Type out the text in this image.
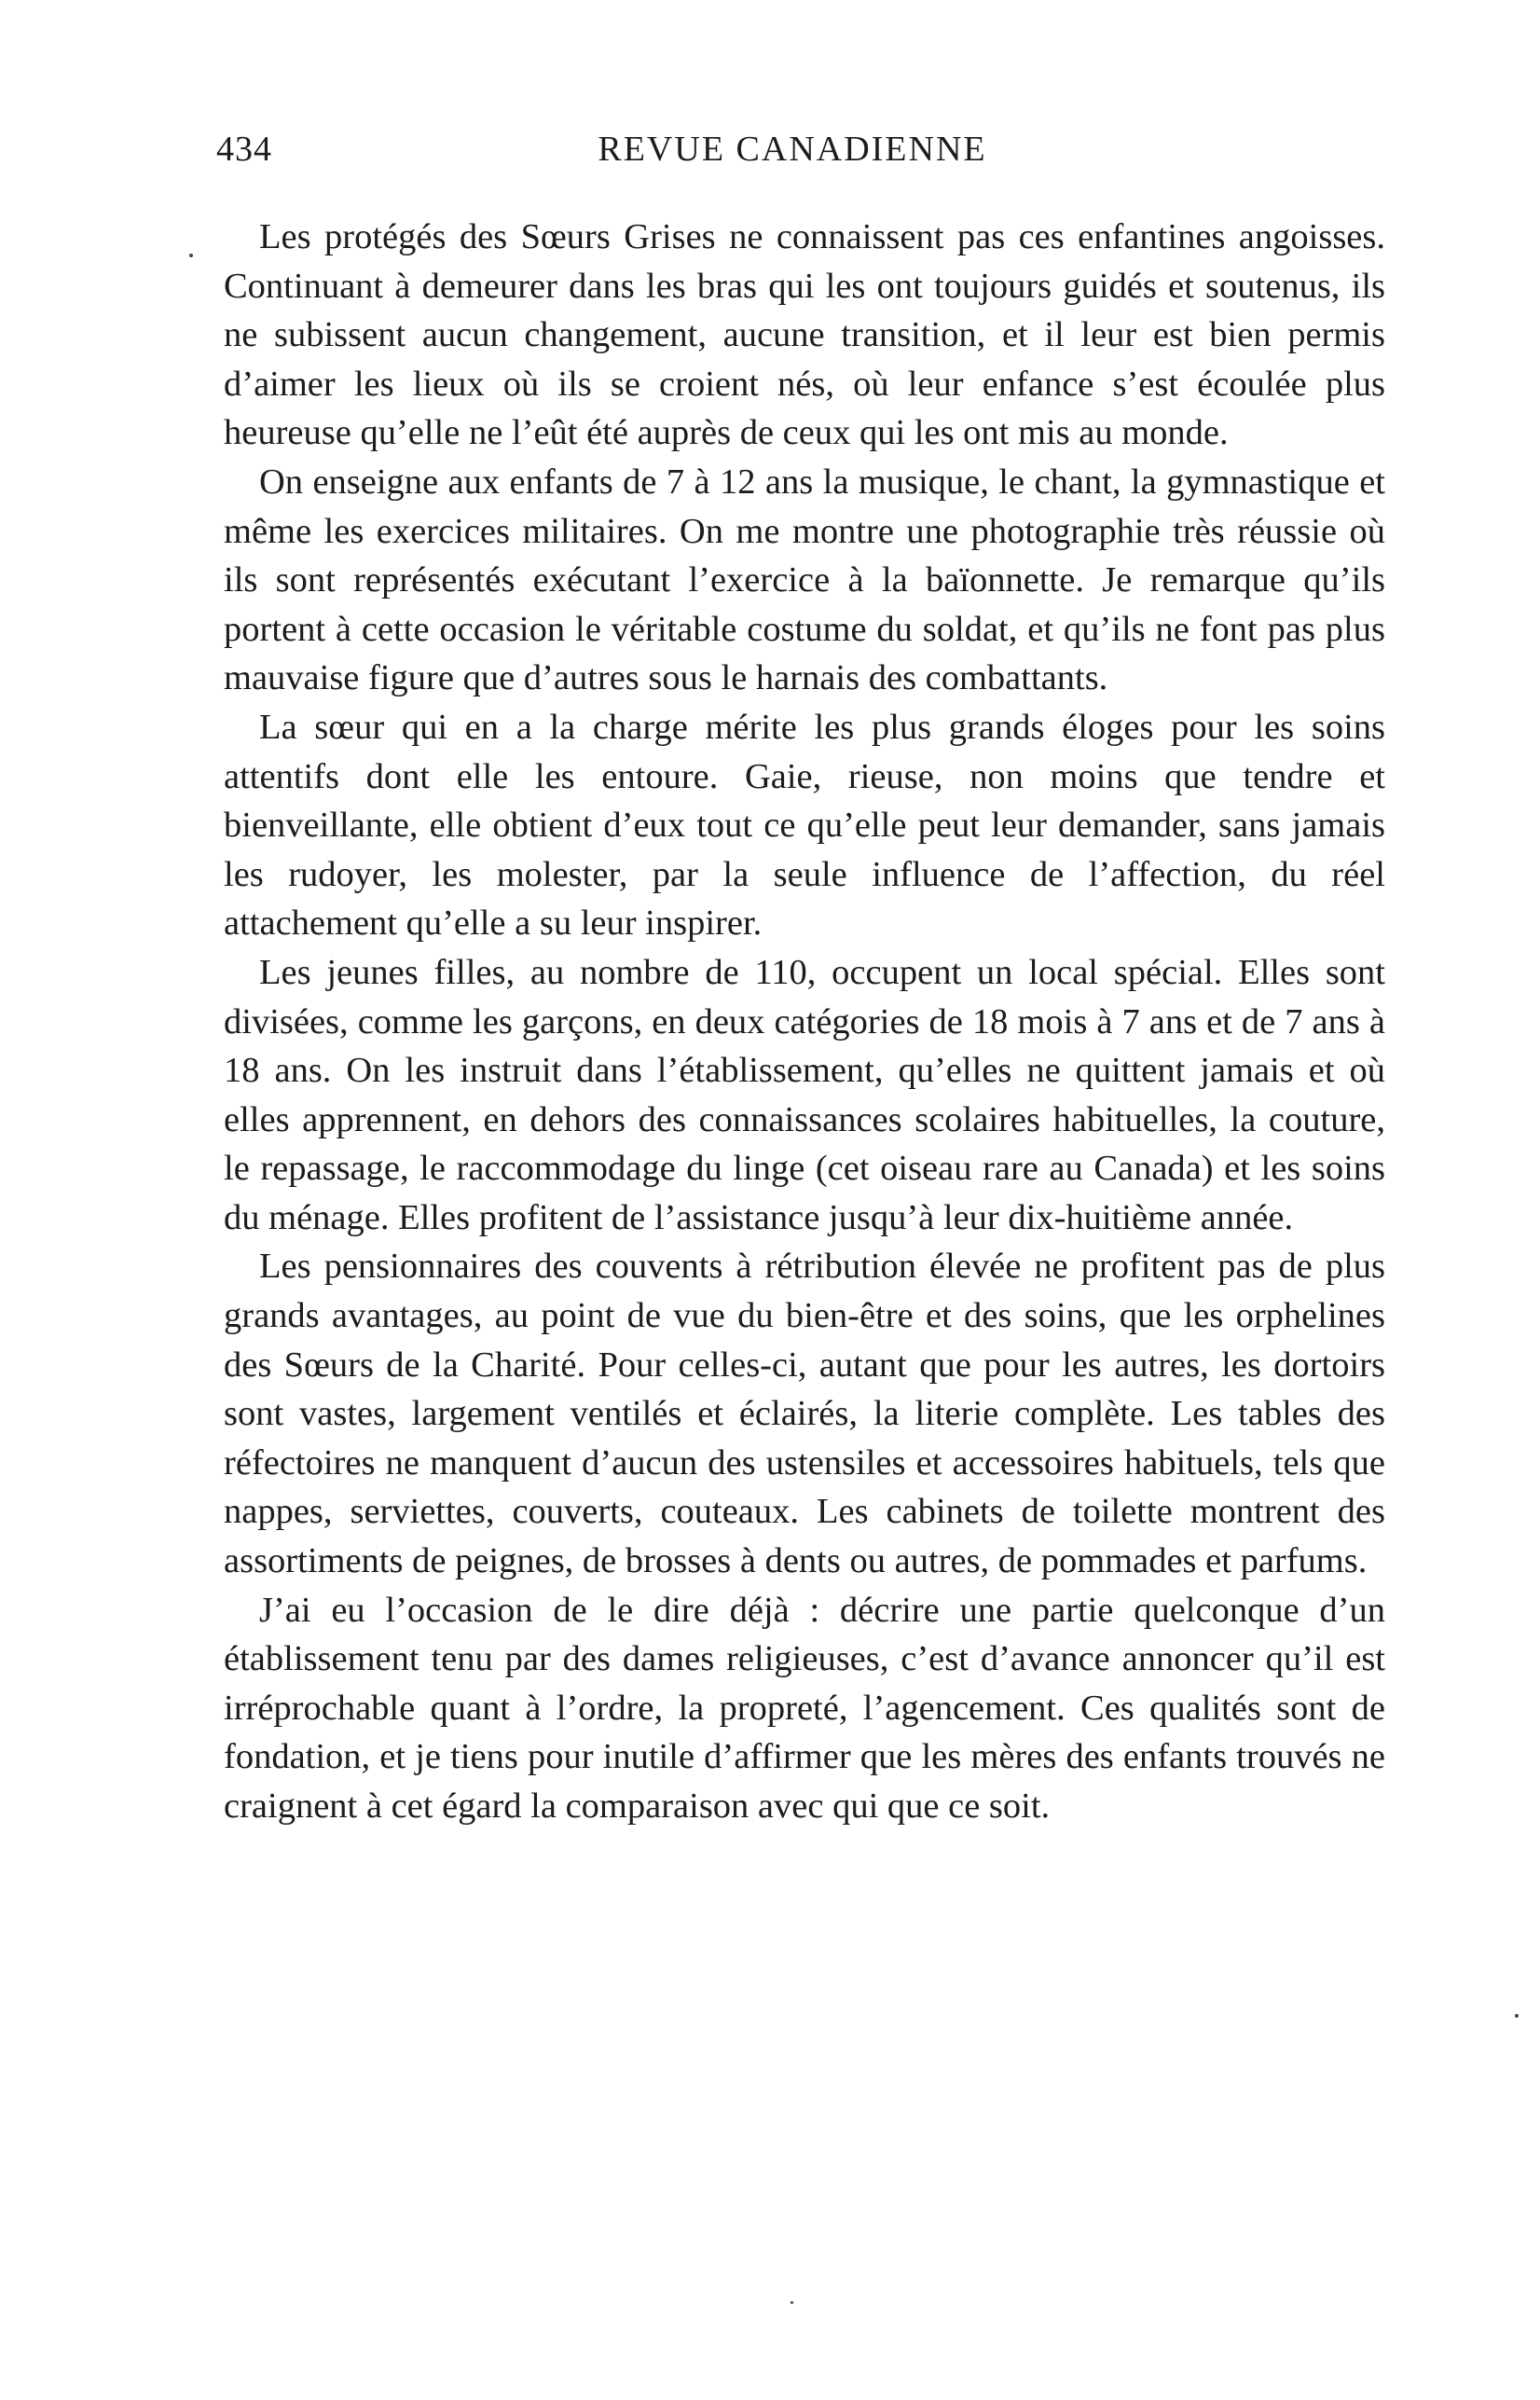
434	REVUE CANADIENNE

Les protégés des Sœurs Grises ne connaissent pas ces enfantines angoisses. Continuant à demeurer dans les bras qui les ont toujours guidés et soutenus, ils ne subissent aucun changement, aucune transition, et il leur est bien permis d’aimer les lieux où ils se croient nés, où leur enfance s’est écoulée plus heureuse qu’elle ne l’eût été auprès de ceux qui les ont mis au monde.

On enseigne aux enfants de 7 à 12 ans la musique, le chant, la gymnastique et même les exercices militaires. On me montre une photographie très réussie où ils sont représentés exécutant l’exercice à la baïonnette. Je remarque qu’ils portent à cette occasion le véritable costume du soldat, et qu’ils ne font pas plus mauvaise figure que d’autres sous le harnais des combattants.

La sœur qui en a la charge mérite les plus grands éloges pour les soins attentifs dont elle les entoure. Gaie, rieuse, non moins que tendre et bienveillante, elle obtient d’eux tout ce qu’elle peut leur demander, sans jamais les rudoyer, les molester, par la seule influence de l’affection, du réel attachement qu’elle a su leur inspirer.

Les jeunes filles, au nombre de 110, occupent un local spécial. Elles sont divisées, comme les garçons, en deux catégories de 18 mois à 7 ans et de 7 ans à 18 ans. On les instruit dans l’établissement, qu’elles ne quittent jamais et où elles apprennent, en dehors des connaissances scolaires habituelles, la couture, le repassage, le raccommodage du linge (cet oiseau rare au Canada) et les soins du ménage. Elles profitent de l’assistance jusqu’à leur dix-huitième année.

Les pensionnaires des couvents à rétribution élevée ne profitent pas de plus grands avantages, au point de vue du bien-être et des soins, que les orphelines des Sœurs de la Charité. Pour celles-ci, autant que pour les autres, les dortoirs sont vastes, largement ventilés et éclairés, la literie complète. Les tables des réfectoires ne manquent d’aucun des ustensiles et accessoires habituels, tels que nappes, serviettes, couverts, couteaux. Les cabinets de toilette montrent des assortiments de peignes, de brosses à dents ou autres, de pommades et parfums.

J’ai eu l’occasion de le dire déjà : décrire une partie quelconque d’un établissement tenu par des dames religieuses, c’est d’avance annoncer qu’il est irréprochable quant à l’ordre, la propreté, l’agencement. Ces qualités sont de fondation, et je tiens pour inutile d’affirmer que les mères des enfants trouvés ne craignent à cet égard la comparaison avec qui que ce soit.
